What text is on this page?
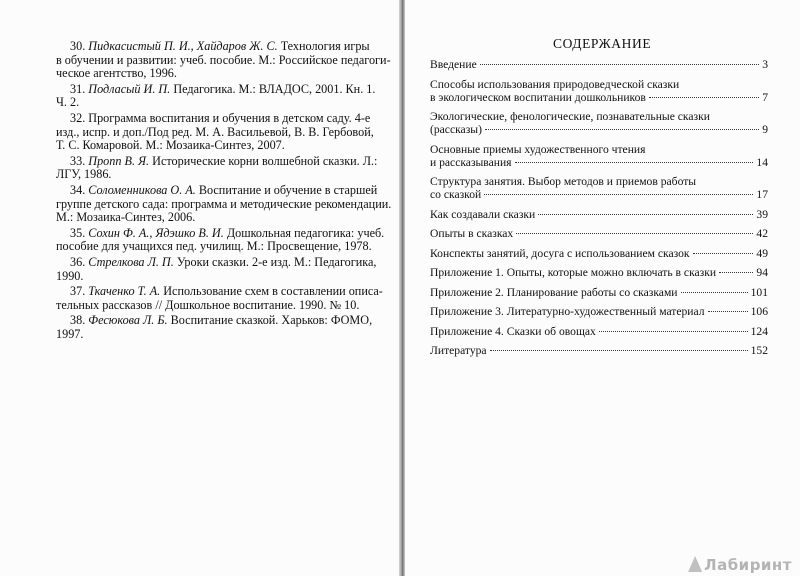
30. Пидкасистый П. И., Хайдаров Ж. С. Технология игры
в обучении и развитии: учеб. пособие. М.: Российское педагоги-
ческое агентство, 1996.
31. Подласый И. П. Педагогика. М.: ВЛАДОС, 2001. Кн. 1.
Ч. 2.
32. Программа воспитания и обучения в детском саду. 4-е
изд., испр. и доп./Под ред. М. А. Васильевой, В. В. Гербовой,
Т. С. Комаровой. М.: Мозаика-Синтез, 2007.
33. Пропп В. Я. Исторические корни волшебной сказки. Л.:
ЛГУ, 1986.
34. Соломенникова О. А. Воспитание и обучение в старшей
группе детского сада: программа и методические рекомендации.
М.: Мозаика-Синтез, 2006.
35. Сохин Ф. А., Ядэшко В. И. Дошкольная педагогика: учеб.
пособие для учащихся пед. училищ. М.: Просвещение, 1978.
36. Стрелкова Л. П. Уроки сказки. 2-е изд. М.: Педагогика,
1990.
37. Ткаченко Т. А. Использование схем в составлении описа-
тельных рассказов // Дошкольное воспитание. 1990. № 10.
38. Фесюкова Л. Б. Воспитание сказкой. Харьков: ФОМО,
1997.
Лабиринт
СОДЕРЖАНИЕ
Введение	3
Способы использования природоведческой сказки
в экологическом воспитании дошкольников	7
Экологические, фенологические, познавательные сказки
(рассказы)	9
Основные приемы художественного чтения
и рассказывания	14
Структура занятия. Выбор методов и приемов работы
со сказкой	17
Как создавали сказки	39
Опыты в сказках	42
Конспекты занятий, досуга с использованием сказок	49
Приложение 1. Опыты, которые можно включать в сказки	94
Приложение 2. Планирование работы со сказками	101
Приложение 3. Литературно-художественный материал	106
Приложение 4. Сказки об овощах	124
Литература	152
